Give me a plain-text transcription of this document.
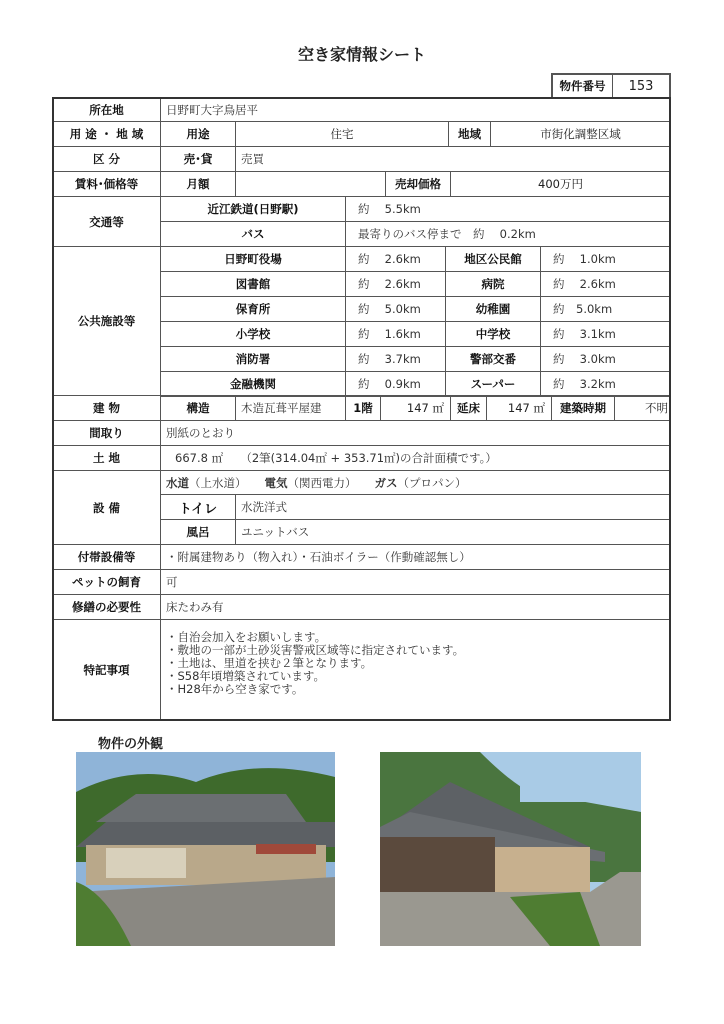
空き家情報シート
物件番号	153
所在地	日野町大字鳥居平
用 途 ・ 地 域	用途	住宅	地域	市街化調整区域
区 分	売･貸	売買
賃料･価格等	月額	売却価格	400万円
交通等
近江鉄道(日野駅)	約　 5.5km
バス	最寄りのバス停まで　約　 0.2km
公共施設等
日野町役場	約　 2.6km	地区公民館	約　 1.0km
図書館	約　 2.6km	病院	約　 2.6km
保育所	約　 5.0km	幼稚園	約　5.0km
小学校	約　 1.6km	中学校	約　 3.1km
消防署	約　 3.7km	警部交番	約　 3.0km
金融機関	約　 0.9km	スーパー	約　 3.2km
建 物	構造	木造瓦葺平屋建	1階	147 ㎡	延床	147 ㎡	建築時期	不明
間取り	別紙のとおり
土 地	667.8 ㎡　　（2筆(314.04㎡ + 353.71㎡)の合計面積です。）
設 備
水道 （上水道） 電気 （関西電力） ガス （プロパン）
トイレ	水洗洋式
風呂	ユニットバス
付帯設備等	・附属建物あり（物入れ）・石油ボイラー（作動確認無し）
ペットの飼育	可
修繕の必要性	床たわみ有
特記事項
・自治会加入をお願いします。
・敷地の一部が土砂災害警戒区域等に指定されています。
・土地は、里道を挟む２筆となります。
・S58年頃増築されています。
・H28年から空き家です。
物件の外観
